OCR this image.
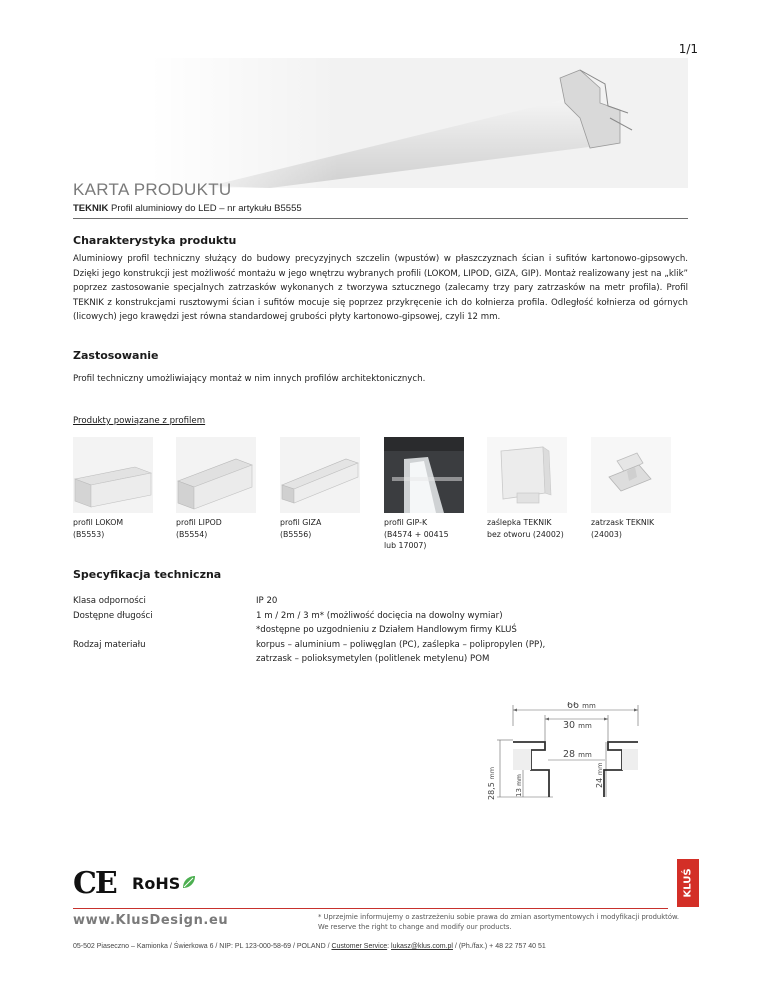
1/1
KARTA PRODUKTU
TEKNIK Profil aluminiowy do LED – nr artykułu B5555
Charakterystyka produktu
Aluminiowy profil techniczny służący do budowy precyzyjnych szczelin (wpustów) w płaszczyznach ścian i sufitów kartonowo-gipsowych. Dzięki jego konstrukcji jest możliwość montażu w jego wnętrzu wybranych profili (LOKOM, LIPOD, GIZA, GIP). Montaż realizowany jest na „klik” poprzez zastosowanie specjalnych zatrzasków wykonanych z tworzywa sztucznego (zalecamy trzy pary zatrzasków na metr profila). Profil TEKNIK z konstrukcjami rusztowymi ścian i sufitów mocuje się poprzez przykręcenie ich do kołnierza profila. Odległość kołnierza od górnych (licowych) jego krawędzi jest równa standardowej grubości płyty kartonowo-gipsowej, czyli 12 mm.
Zastosowanie
Profil techniczny umożliwiający montaż w nim innych profilów architektonicznych.
Produkty powiązane z profilem
profil LOKOM
(B5553)
profil LIPOD
(B5554)
profil GIZA
(B5556)
profil GIP-K
(B4574 + 00415
lub 17007)
zaślepka TEKNIK
bez otworu (24002)
zatrzask TEKNIK
(24003)
Specyfikacja techniczna
Klasa odporności	IP 20
Dostępne długości	1 m / 2m / 3 m* (możliwość docięcia na dowolny wymiar)
*dostępne po uzgodnieniu z Działem Handlowym firmy KLUŚ
Rodzaj materiału	korpus – aluminium – poliwęglan (PC), zaślepka – polipropylen (PP),
zatrzask – polioksymetylen (politlenek metylenu) POM
66 mm
30 mm
28 mm
28,5 mm
13 mm	24 mm
CE RoHS	KLUŚ
www.KlusDesign.eu	* Uprzejmie informujemy o zastrzeżeniu sobie prawa do zmian asortymentowych i modyfikacji produktów.
We reserve the right to change and modify our products.
05-502 Piaseczno – Kamionka / Świerkowa 6 / NIP: PL 123-000-58-69 / POLAND / Customer Service: lukasz@klus.com.pl / (Ph./fax.) + 48 22 757 40 51
